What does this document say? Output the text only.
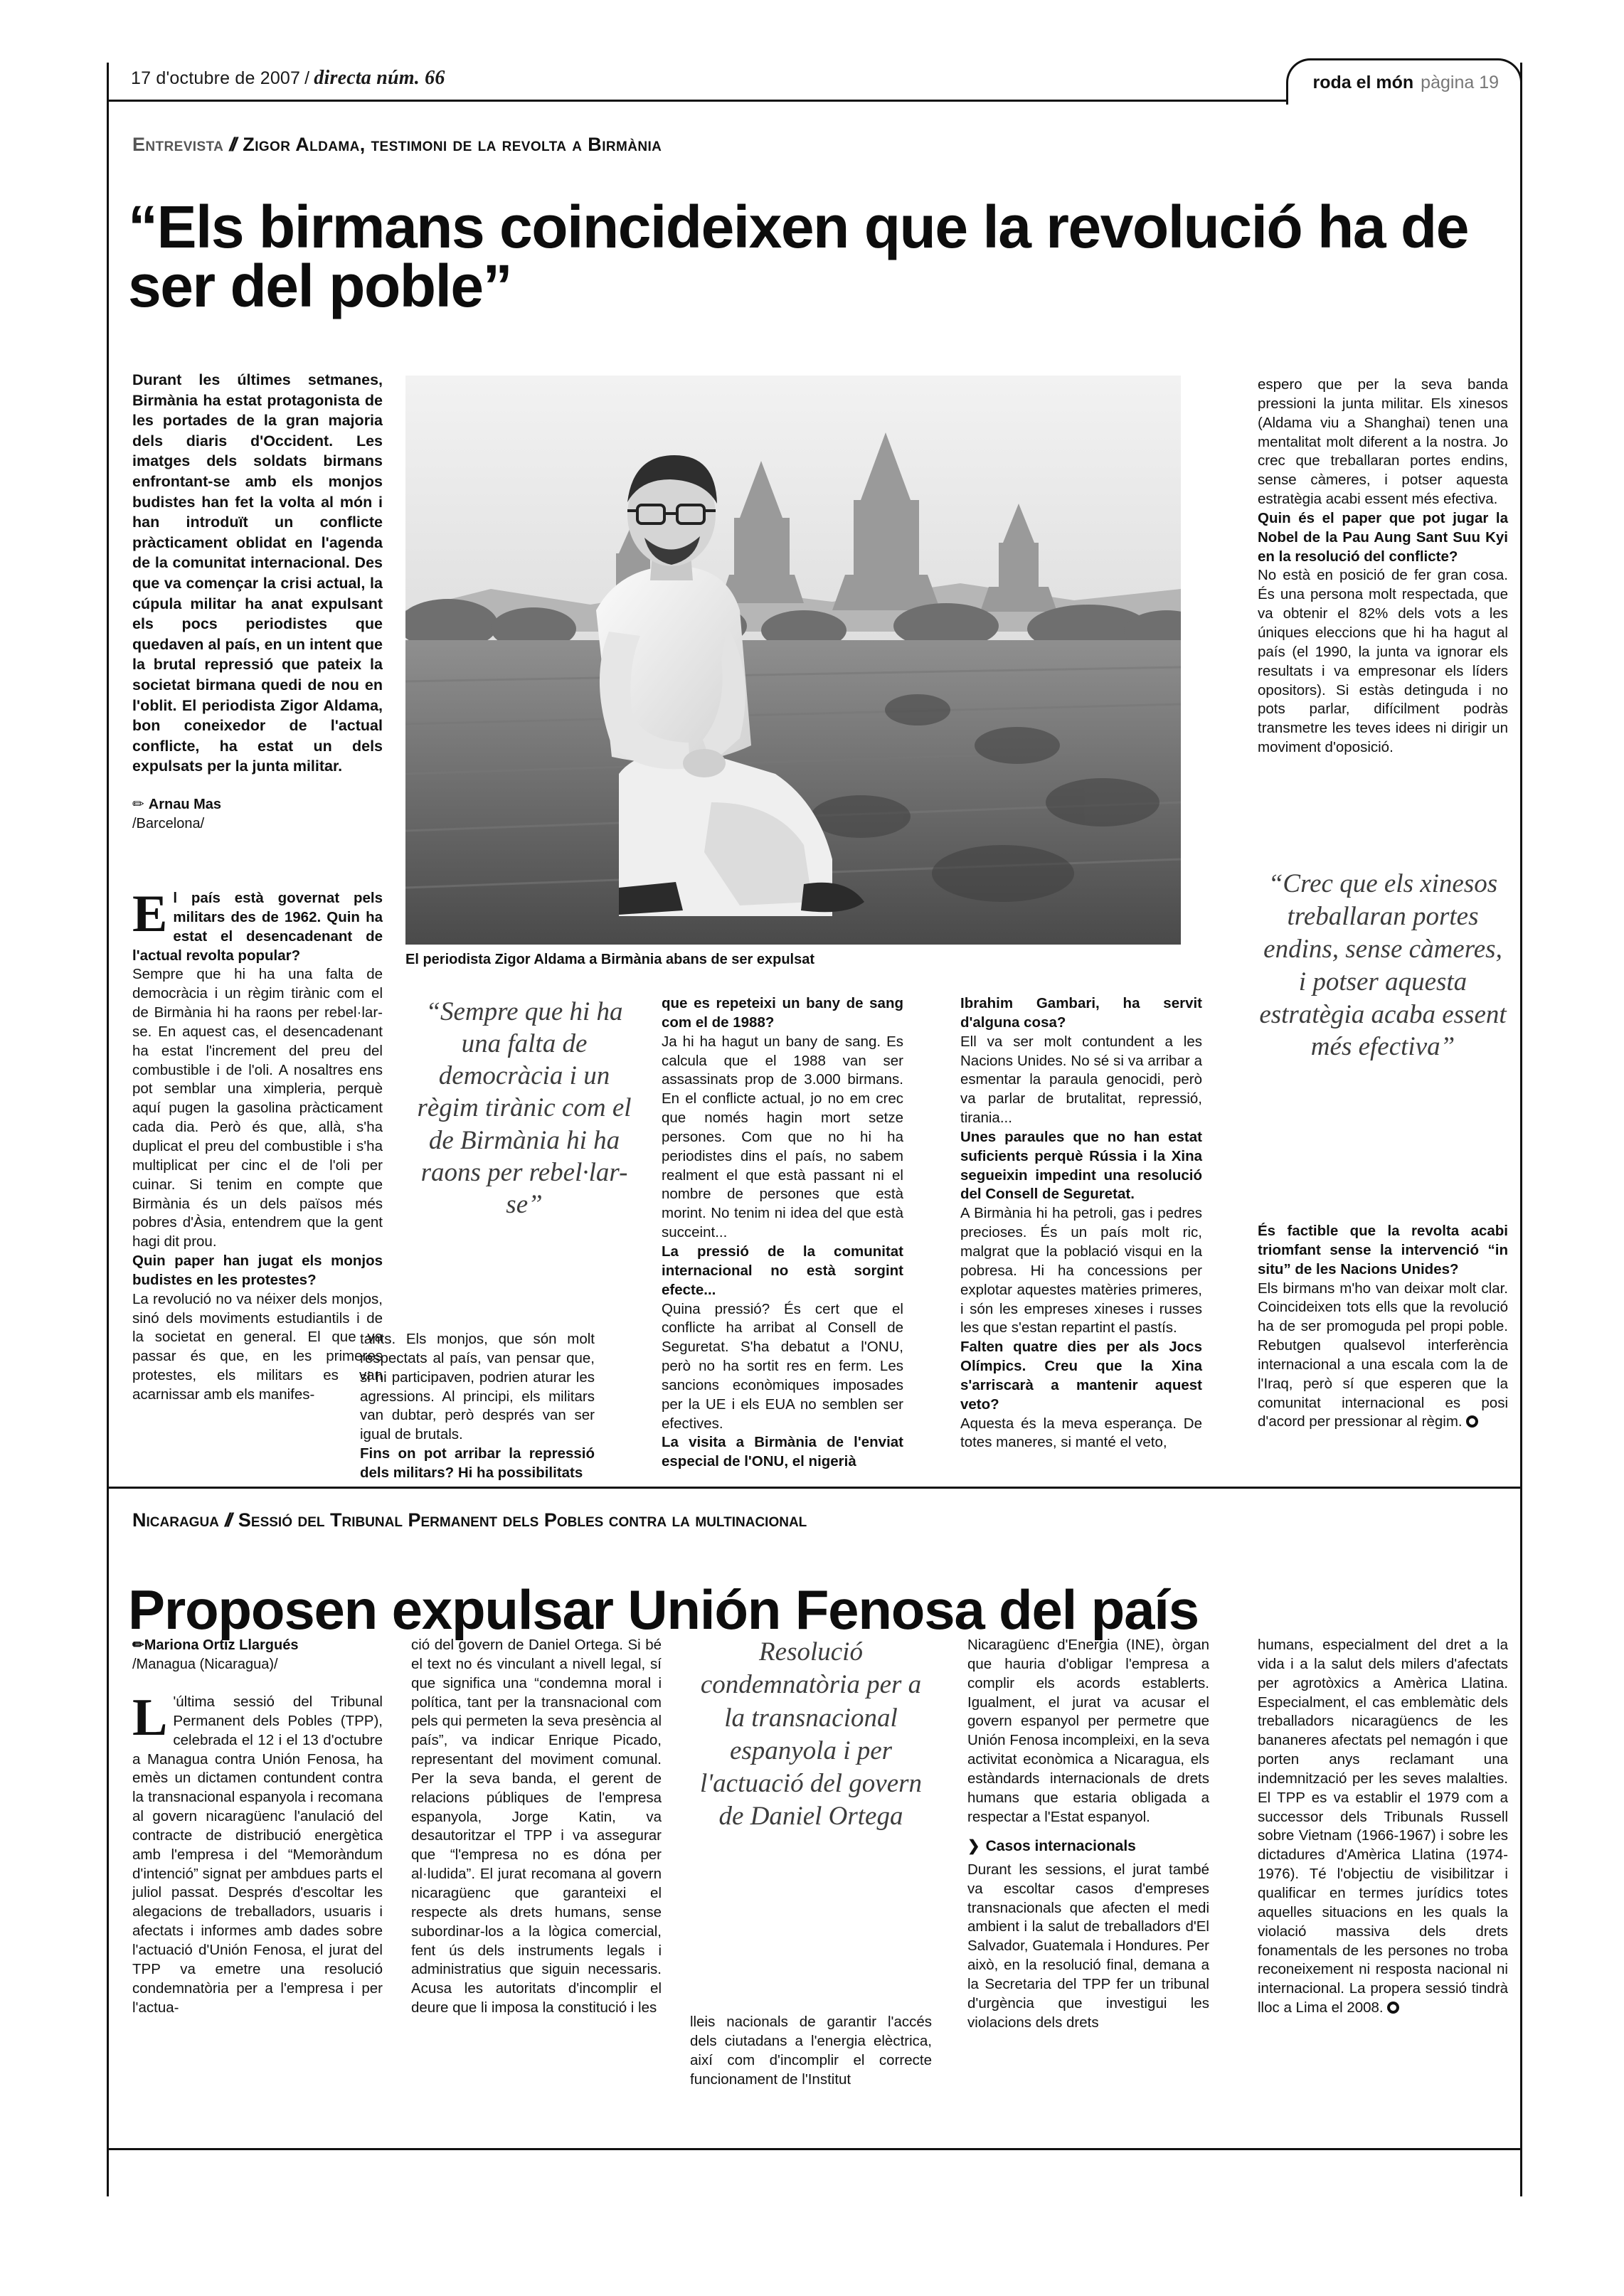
17 d'octubre de 2007 / directa núm. 66	roda el món pàgina 19
Entrevista // Zigor Aldama, testimoni de la revolta a Birmània
“Els birmans coincideixen que la revolució ha de ser del poble”
Durant les últimes setmanes, Birmània ha estat protagonista de les portades de la gran majoria dels diaris d'Occident. Les imatges dels soldats birmans enfrontant-se amb els monjos budistes han fet la volta al món i han introduït un conflicte pràcticament oblidat en l'agenda de la comunitat internacional. Des que va començar la crisi actual, la cúpula militar ha anat expulsant els pocs periodistes que quedaven al país, en un intent que la brutal repressió que pateix la societat birmana quedi de nou en l'oblit. El periodista Zigor Aldama, bon coneixedor de l'actual conflicte, ha estat un dels expulsats per la junta militar.
✏ Arnau Mas
/Barcelona/
El periodista Zigor Aldama a Birmània abans de ser expulsat
“Sempre que hi ha una falta de democràcia i un règim tirànic com el de Birmània hi ha raons per rebel·lar-se”

El país està governat pels militars des de 1962. Quin ha estat el desencadenant de l'actual revolta popular?

Sempre que hi ha una falta de democràcia i un règim tirànic com el de Birmània hi ha raons per rebel·lar-se. En aquest cas, el desencadenant ha estat l'increment del preu del combustible i de l'oli. A nosaltres ens pot semblar una ximpleria, perquè aquí pugen la gasolina pràcticament cada dia. Però és que, allà, s'ha duplicat el preu del combustible i s'ha multiplicat per cinc el de l'oli per cuinar. Si tenim en compte que Birmània és un dels països més pobres d'Àsia, entendrem que la gent hagi dit prou.

Quin paper han jugat els monjos budistes en les protestes?

La revolució no va néixer dels monjos, sinó dels moviments estudiantils i de la societat en general. El que va passar és que, en les primeres protestes, els militars es van acarnissar amb els manifes-

tants. Els monjos, que són molt respectats al país, van pensar que, si hi participaven, podrien aturar les agressions. Al principi, els militars van dubtar, però després van ser igual de brutals.

Fins on pot arribar la repressió dels militars? Hi ha possibilitats

que es repeteixi un bany de sang com el de 1988?

Ja hi ha hagut un bany de sang. Es calcula que el 1988 van ser assassinats prop de 3.000 birmans. En el conflicte actual, jo no em crec que només hagin mort setze persones. Com que no hi ha periodistes dins el país, no sabem realment el que està passant ni el nombre de persones que està morint. No tenim ni idea del que està succeint...

La pressió de la comunitat internacional no està sorgint efecte...

Quina pressió? És cert que el conflicte ha arribat al Consell de Seguretat. S'ha debatut a l'ONU, però no ha sortit res en ferm. Les sancions econòmiques imposades per la UE i els EUA no semblen ser efectives.

La visita a Birmània de l'enviat especial de l'ONU, el nigerià

Ibrahim Gambari, ha servit d'alguna cosa?

Ell va ser molt contundent a les Nacions Unides. No sé si va arribar a esmentar la paraula genocidi, però va parlar de brutalitat, repressió, tirania...

Unes paraules que no han estat suficients perquè Rússia i la Xina segueixin impedint una resolució del Consell de Seguretat.

A Birmània hi ha petroli, gas i pedres precioses. És un país molt ric, malgrat que la població visqui en la pobresa. Hi ha concessions per explotar aquestes matèries primeres, i són les empreses xineses i russes les que s'estan repartint el pastís.

Falten quatre dies per als Jocs Olímpics. Creu que la Xina s'arriscarà a mantenir aquest veto?

Aquesta és la meva esperança. De totes maneres, si manté el veto,

espero que per la seva banda pressioni la junta militar. Els xinesos (Aldama viu a Shanghai) tenen una mentalitat molt diferent a la nostra. Jo crec que treballaran portes endins, sense càmeres, i potser aquesta estratègia acabi essent més efectiva.

Quin és el paper que pot jugar la Nobel de la Pau Aung Sant Suu Kyi en la resolució del conflicte?

No està en posició de fer gran cosa. És una persona molt respectada, que va obtenir el 82% dels vots a les úniques eleccions que hi ha hagut al país (el 1990, la junta va ignorar els resultats i va empresonar els líders opositors). Si estàs detinguda i no pots parlar, difícilment podràs transmetre les teves idees ni dirigir un moviment d'oposició.

“Crec que els xinesos treballaran portes endins, sense càmeres, i potser aquesta estratègia acaba essent més efectiva”

És factible que la revolta acabi triomfant sense la intervenció “in situ” de les Nacions Unides?

Els birmans m'ho van deixar molt clar. Coincideixen tots ells que la revolució ha de ser promoguda pel propi poble. Rebutgen qualsevol interferència internacional a una escala com la de l'Iraq, però sí que esperen que la comunitat internacional es posi d'acord per pressionar al règim.

Nicaragua // Sessió del Tribunal Permanent dels Pobles contra la multinacional
Proposen expulsar Unión Fenosa del país
✏Mariona Ortiz Llargués
/Managua (Nicaragua)/

L 'última sessió del Tribunal Permanent dels Pobles (TPP), celebrada el 12 i el 13 d'octubre a Managua contra Unión Fenosa, ha emès un dictamen contundent contra la transnacional espanyola i recomana al govern nicaragüenc l'anulació del contracte de distribució energètica amb l'empresa i del “Memoràndum d'intenció” signat per ambdues parts el juliol passat. Després d'escoltar les alegacions de treballadors, usuaris i afectats i informes amb dades sobre l'actuació d'Unión Fenosa, el jurat del TPP va emetre una resolució condemnatòria per a l'empresa i per l'actua-

ció del govern de Daniel Ortega. Si bé el text no és vinculant a nivell legal, sí que significa una “condemna moral i política, tant per la transnacional com pels qui permeten la seva presència al país”, va indicar Enrique Picado, representant del moviment comunal. Per la seva banda, el gerent de relacions públiques de l'empresa espanyola, Jorge Katin, va desautoritzar el TPP i va assegurar que “l'empresa no es dóna per al·ludida”. El jurat recomana al govern nicaragüenc que garanteixi el respecte als drets humans, sense subordinar-los a la lògica comercial, fent ús dels instruments legals i administratius que siguin necessaris. Acusa les autoritats d'incomplir el deure que li imposa la constitució i les

Resolució condemnatòria per a la transnacional espanyola i per l'actuació del govern de Daniel Ortega

lleis nacionals de garantir l'accés dels ciutadans a l'energia elèctrica, així com d'incomplir el correcte funcionament de l'Institut

Nicaragüenc d'Energia (INE), òrgan que hauria d'obligar l'empresa a complir els acords establerts. Igualment, el jurat va acusar el govern espanyol per permetre que Unión Fenosa incompleixi, en la seva activitat econòmica a Nicaragua, els estàndards internacionals de drets humans que estaria obligada a respectar a l'Estat espanyol.

❯ Casos internacionals

Durant les sessions, el jurat també va escoltar casos d'empreses transnacionals que afecten el medi ambient i la salut de treballadors d'El Salvador, Guatemala i Hondures. Per això, en la resolució final, demana a la Secretaria del TPP fer un tribunal d'urgència que investigui les violacions dels drets

humans, especialment del dret a la vida i a la salut dels milers d'afectats per agrotòxics a Amèrica Llatina. Especialment, el cas emblemàtic dels treballadors nicaragüencs de les bananeres afectats pel nemagón i que porten anys reclamant una indemnització per les seves malalties. El TPP es va establir el 1979 com a successor dels Tribunals Russell sobre Vietnam (1966-1967) i sobre les dictadures d'Amèrica Llatina (1974-1976). Té l'objectiu de visibilitzar i qualificar en termes jurídics totes aquelles situacions en les quals la violació massiva dels drets fonamentals de les persones no troba reconeixement ni resposta nacional ni internacional. La propera sessió tindrà lloc a Lima el 2008.
